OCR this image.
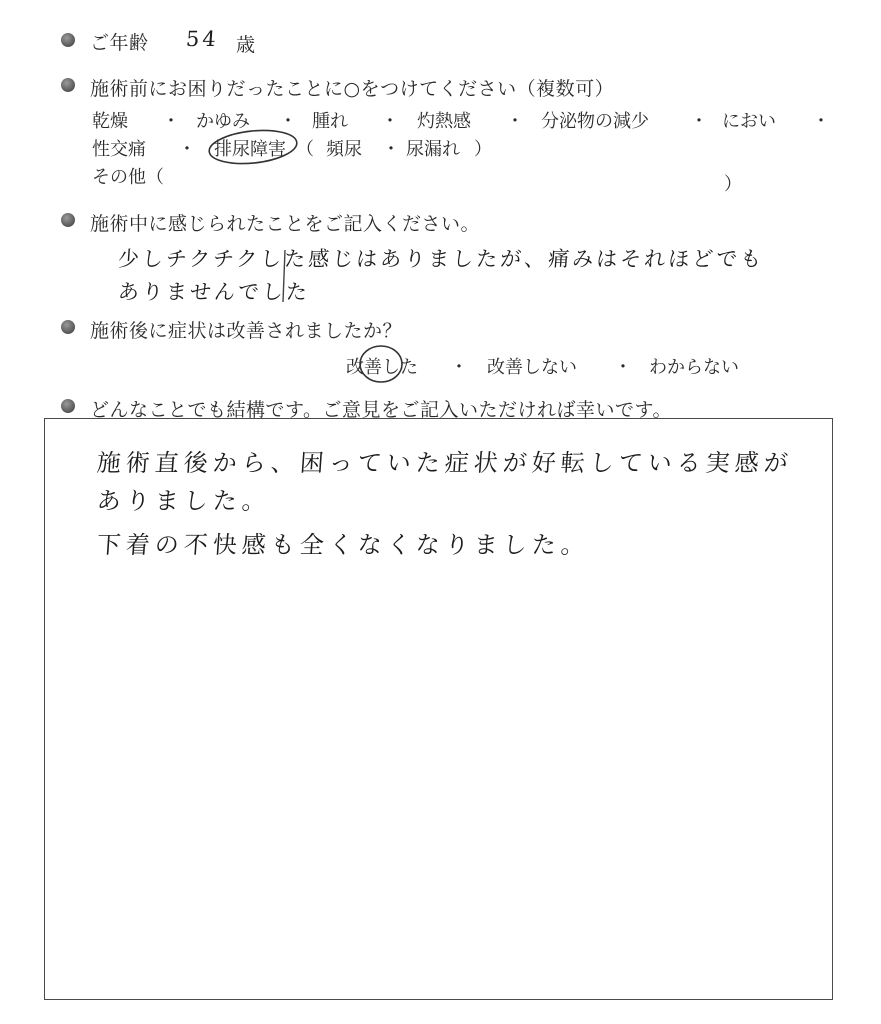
ご年齢 54 歳
施術前にお困りだったことに○をつけてください（複数可）
乾燥 ・ かゆみ ・ 腫れ ・ 灼熱感 ・ 分泌物の減少 ・ におい ・
性交痛 ・ 排尿障害 （ 頻尿 ・ 尿漏れ ）
その他（	）
施術中に感じられたことをご記入ください。
少しチクチクした感じはありましたが、痛みはそれほどでも
ありませんでした
施術後に症状は改善されましたか？
改善した ・ 改善しない ・ わからない
どんなことでも結構です。ご意見をご記入いただければ幸いです。
施術直後から、困っていた症状が好転している実感が
ありました。
下着の不快感も全くなくなりました。
